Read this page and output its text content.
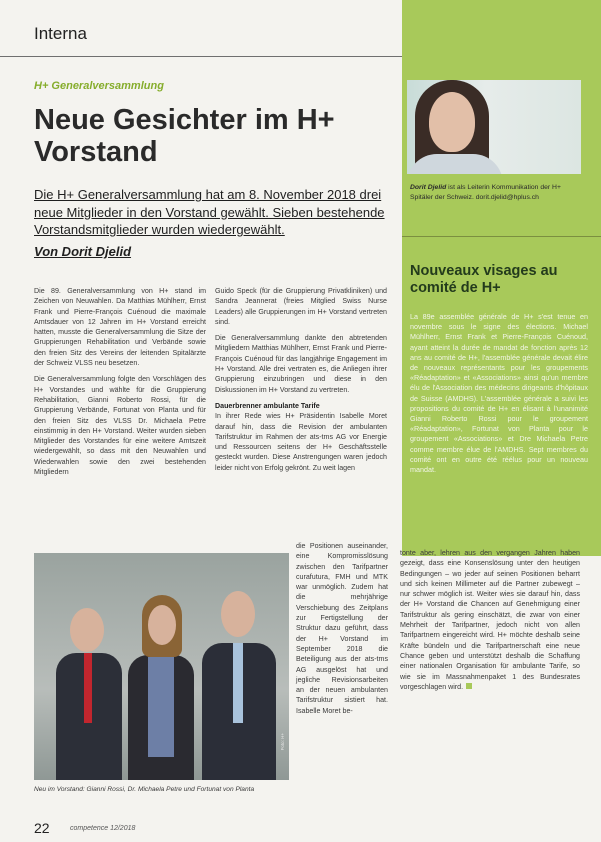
Interna
H+ Generalversammlung
Neue Gesichter im H+ Vorstand

Die H+ Generalversammlung hat am 8. November 2018 drei neue Mitglieder in den Vorstand gewählt. Sieben bestehende Vorstandsmitglieder wurden wiedergewählt.

Von Dorit Djelid
Dorit Djelid ist als Leiterin Kommunikation der H+ Spitäler der Schweiz. dorit.djelid@hplus.ch
Nouveaux visages au comité de H+

La 89e assemblée générale de H+ s'est tenue en novembre sous le signe des élections. Michael Mühlherr, Ernst Frank et Pierre-François Cuénoud, ayant atteint la durée de mandat de fonction après 12 ans au comité de H+, l'assemblée générale devait élire de nouveaux représentants pour les groupements «Réadaptation» et «Associations» ainsi qu'un membre élu de l'Association des médecins dirigeants d'hôpitaux de Suisse (AMDHS). L'assemblée générale a suivi les propositions du comité de H+ en élisant à l'unanimité Gianni Roberto Rossi pour le groupement «Réadaptation», Fortunat von Planta pour le groupement «Associations» et Dre Michaela Petre comme membre élue de l'AMDHS. Sept membres du comité ont en outre été réélus pour un nouveau mandat.

Die 89. Generalversammlung von H+ stand im Zeichen von Neuwahlen. Da Matthias Mühlherr, Ernst Frank und Pierre-François Cuénoud die maximale Amtsdauer von 12 Jahren im H+ Vorstand erreicht hatten, musste die Generalversammlung die Sitze der Gruppierungen Rehabilitation und Verbände sowie den freien Sitz des Vereins der leitenden Spitalärzte der Schweiz VLSS neu besetzen.

Die Generalversammlung folgte den Vorschlägen des H+ Vorstandes und wählte für die Gruppierung Rehabilitation, Gianni Roberto Rossi, für die Gruppierung Verbände, Fortunat von Planta und für den freien Sitz des VLSS Dr. Michaela Petre einstimmig in den H+ Vorstand. Weiter wurden sieben Mitglieder des Vorstandes für eine weitere Amtszeit wiedergewählt, so dass mit den Neuwahlen und Wiederwahlen sowie den zwei bestehenden Mitgliedern

Guido Speck (für die Gruppierung Privatkliniken) und Sandra Jeannerat (freies Mitglied Swiss Nurse Leaders) alle Gruppierungen im H+ Vorstand vertreten sind.

Die Generalversammlung dankte den abtretenden Mitgliedern Matthias Mühlherr, Ernst Frank und Pierre-François Cuénoud für das langjährige Engagement im H+ Vorstand. Alle drei vertraten es, die Anliegen ihrer Gruppierung einzubringen und diese in den Diskussionen im H+ Vorstand zu vertreten.

Dauerbrenner ambulante Tarife

In ihrer Rede wies H+ Präsidentin Isabelle Moret darauf hin, dass die Revision der ambulanten Tarifstruktur im Rahmen der ats-tms AG vor Energie und Ressourcen seitens der H+ Geschäftsstelle gesteckt wurden. Diese Anstrengungen waren jedoch leider nicht von Erfolg gekrönt. Zu weit lagen

die Positionen auseinander, eine Kompromisslösung zwischen den Tarifpartner curafutura, FMH und MTK war unmöglich. Zudem hat die mehrjährige Verschiebung des Zeitplans zur Fertigstellung der Struktur dazu geführt, dass der H+ Vorstand im September 2018 die Beteiligung aus der ats-tms AG ausgelöst hat und jegliche Revisionsarbeiten an der neuen ambulanten Tarifstruktur sistiert hat. Isabelle Moret be-

tonte aber, lehren aus den vergangen Jahren haben gezeigt, dass eine Konsenslösung unter den heutigen Bedingungen – wo jeder auf seinen Positionen beharrt und sich keinen Millimeter auf die Partner zubewegt – nur schwer möglich ist. Weiter wies sie darauf hin, dass der H+ Vorstand die Chancen auf Genehmigung einer Tarifstruktur als gering einschätzt, die zwar von einer Mehrheit der Tarifpartner, jedoch nicht von allen Tarifpartnern eingereicht wird. H+ möchte deshalb seine Kräfte bündeln und die Tarifpartnerschaft eine neue Chance geben und unterstützt deshalb die Schaffung einer nationalen Organisation für ambulante Tarife, so wie sie im Massnahmenpaket 1 des Bundesrates vorgeschlagen wird.

Foto: H+
Neu im Vorstand: Gianni Rossi, Dr. Michaela Petre und Fortunat von Planta
22	competence 12/2018
